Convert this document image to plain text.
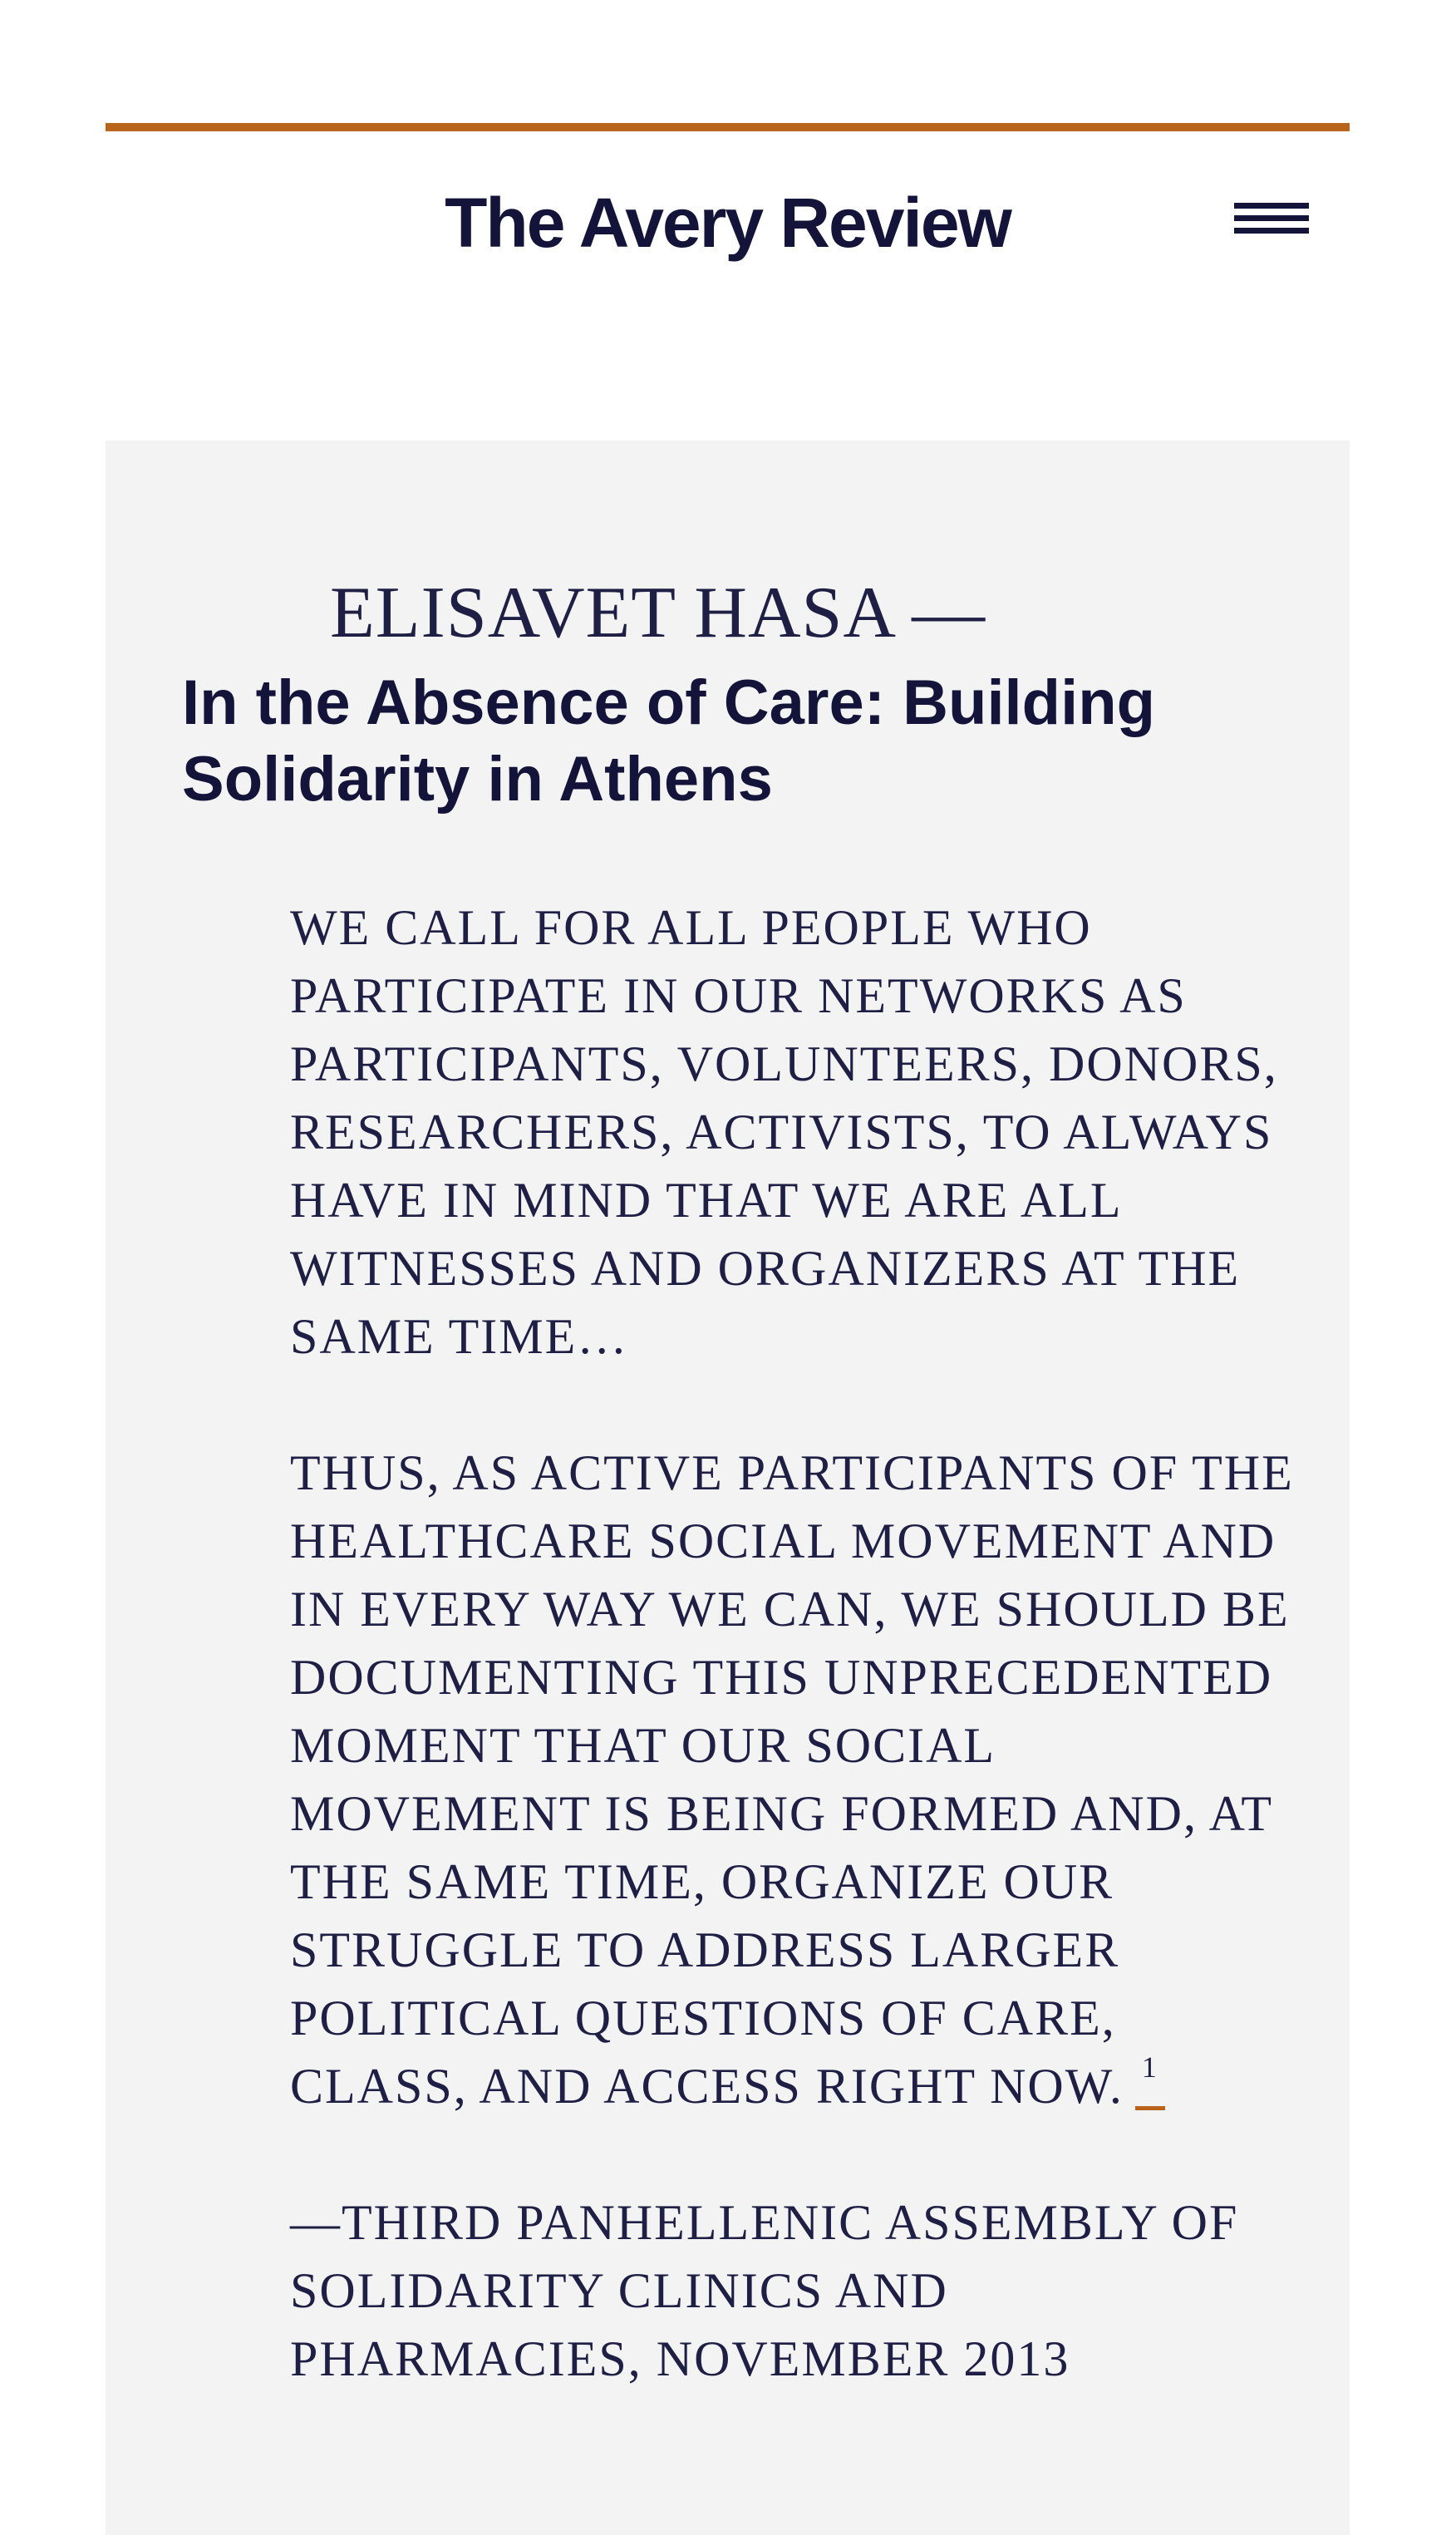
The Avery Review
ELISAVET HASA —
In the Absence of Care: Building Solidarity in Athens

WE CALL FOR ALL PEOPLE WHO PARTICIPATE IN OUR NETWORKS AS PARTICIPANTS, VOLUNTEERS, DONORS, RESEARCHERS, ACTIVISTS, TO ALWAYS HAVE IN MIND THAT WE ARE ALL WITNESSES AND ORGANIZERS AT THE SAME TIME…

THUS, AS ACTIVE PARTICIPANTS OF THE HEALTHCARE SOCIAL MOVEMENT AND IN EVERY WAY WE CAN, WE SHOULD BE DOCUMENTING THIS UNPRECEDENTED MOMENT THAT OUR SOCIAL MOVEMENT IS BEING FORMED AND, AT THE SAME TIME, ORGANIZE OUR STRUGGLE TO ADDRESS LARGER POLITICAL QUESTIONS OF CARE, CLASS, AND ACCESS RIGHT NOW. 1

—THIRD PANHELLENIC ASSEMBLY OF SOLIDARITY CLINICS AND PHARMACIES, NOVEMBER 2013
